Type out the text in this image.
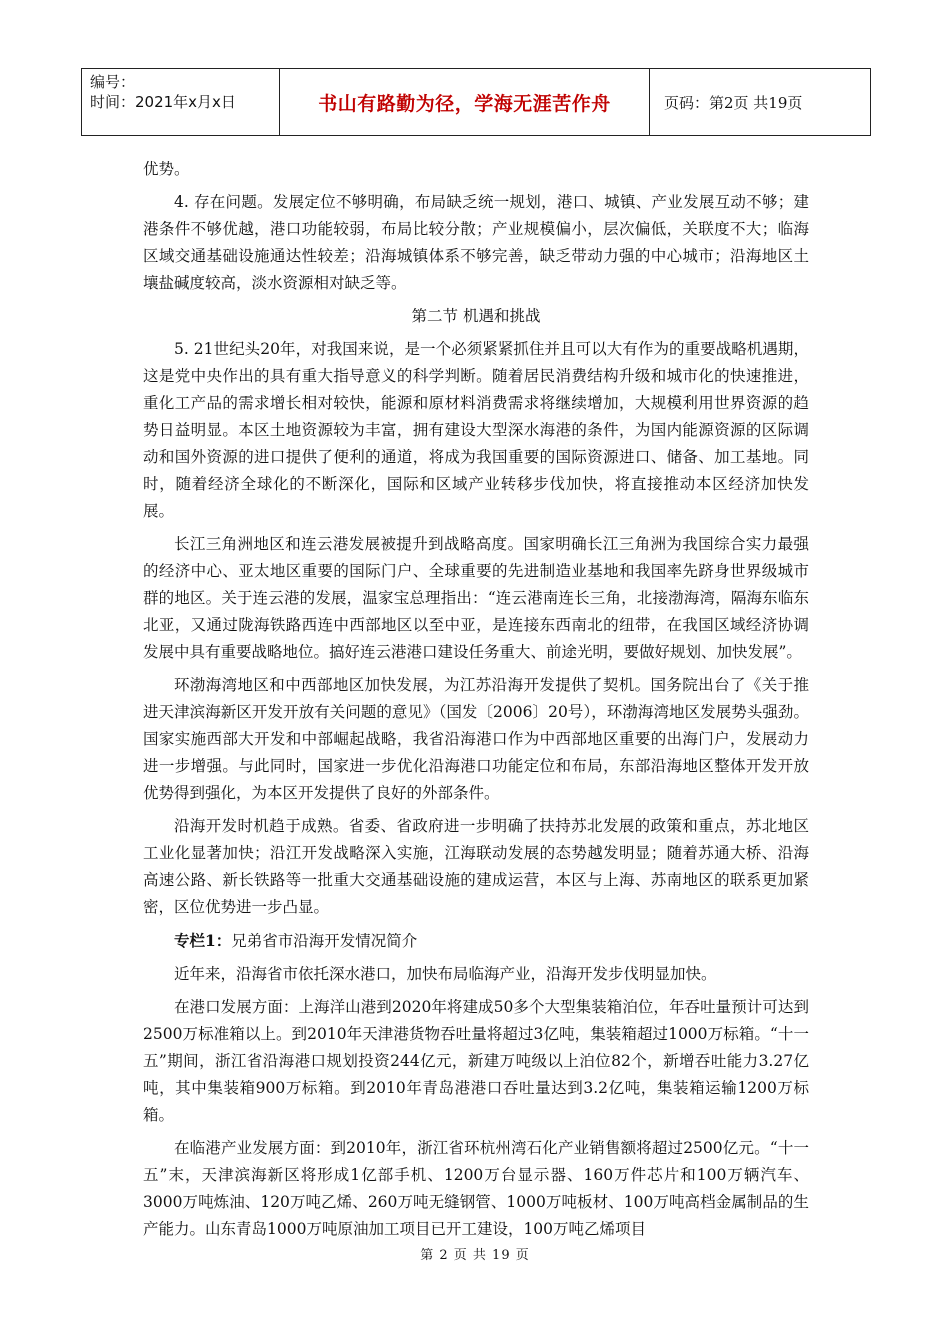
编号：
时间：2021年x月x日	书山有路勤为径，学海无涯苦作舟	页码：第2页 共19页

优势。

4. 存在问题。发展定位不够明确，布局缺乏统一规划，港口、城镇、产业发展互动不够；建港条件不够优越，港口功能较弱，布局比较分散；产业规模偏小，层次偏低，关联度不大；临海区域交通基础设施通达性较差；沿海城镇体系不够完善，缺乏带动力强的中心城市；沿海地区土壤盐碱度较高，淡水资源相对缺乏等。

第二节 机遇和挑战

5. 21世纪头20年，对我国来说，是一个必须紧紧抓住并且可以大有作为的重要战略机遇期，这是党中央作出的具有重大指导意义的科学判断。随着居民消费结构升级和城市化的快速推进，重化工产品的需求增长相对较快，能源和原材料消费需求将继续增加，大规模利用世界资源的趋势日益明显。本区土地资源较为丰富，拥有建设大型深水海港的条件，为国内能源资源的区际调动和国外资源的进口提供了便利的通道，将成为我国重要的国际资源进口、储备、加工基地。同时，随着经济全球化的不断深化，国际和区域产业转移步伐加快，将直接推动本区经济加快发展。

长江三角洲地区和连云港发展被提升到战略高度。国家明确长江三角洲为我国综合实力最强的经济中心、亚太地区重要的国际门户、全球重要的先进制造业基地和我国率先跻身世界级城市群的地区。关于连云港的发展，温家宝总理指出：“连云港南连长三角，北接渤海湾，隔海东临东北亚，又通过陇海铁路西连中西部地区以至中亚，是连接东西南北的纽带，在我国区域经济协调发展中具有重要战略地位。搞好连云港港口建设任务重大、前途光明，要做好规划、加快发展”。

环渤海湾地区和中西部地区加快发展，为江苏沿海开发提供了契机。国务院出台了《关于推进天津滨海新区开发开放有关问题的意见》（国发〔2006〕20号），环渤海湾地区发展势头强劲。国家实施西部大开发和中部崛起战略，我省沿海港口作为中西部地区重要的出海门户，发展动力进一步增强。与此同时，国家进一步优化沿海港口功能定位和布局，东部沿海地区整体开发开放优势得到强化，为本区开发提供了良好的外部条件。

沿海开发时机趋于成熟。省委、省政府进一步明确了扶持苏北发展的政策和重点，苏北地区工业化显著加快；沿江开发战略深入实施，江海联动发展的态势越发明显；随着苏通大桥、沿海高速公路、新长铁路等一批重大交通基础设施的建成运营，本区与上海、苏南地区的联系更加紧密，区位优势进一步凸显。

专栏1：兄弟省市沿海开发情况简介

近年来，沿海省市依托深水港口，加快布局临海产业，沿海开发步伐明显加快。

在港口发展方面：上海洋山港到2020年将建成50多个大型集装箱泊位，年吞吐量预计可达到2500万标准箱以上。到2010年天津港货物吞吐量将超过3亿吨，集装箱超过1000万标箱。“十一五”期间，浙江省沿海港口规划投资244亿元，新建万吨级以上泊位82个，新增吞吐能力3.27亿吨，其中集装箱900万标箱。到2010年青岛港港口吞吐量达到3.2亿吨，集装箱运输1200万标箱。

在临港产业发展方面：到2010年，浙江省环杭州湾石化产业销售额将超过2500亿元。“十一五”末，天津滨海新区将形成1亿部手机、1200万台显示器、160万件芯片和100万辆汽车、3000万吨炼油、120万吨乙烯、260万吨无缝钢管、1000万吨板材、100万吨高档金属制品的生产能力。山东青岛1000万吨原油加工项目已开工建设，100万吨乙烯项目

第 2 页 共 19 页
